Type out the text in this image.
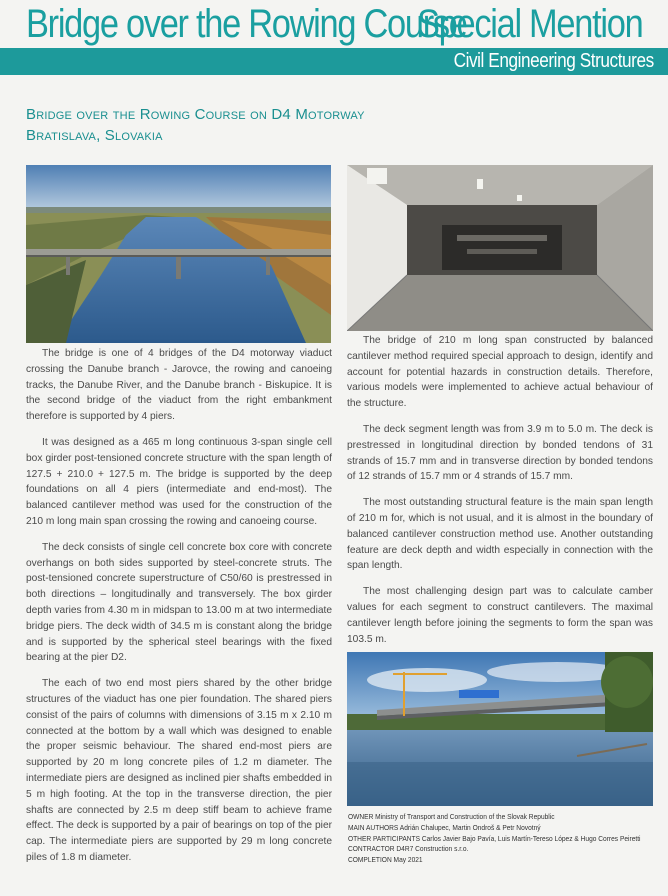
Bridge over the Rowing Course
Special Mention
Civil Engineering Structures
Bridge over the Rowing Course on D4 Motorway
Bratislava, Slovakia

The bridge is one of 4 bridges of the D4 motorway viaduct crossing the Danube branch - Jarovce, the rowing and canoeing tracks, the Danube River, and the Danube branch - Biskupice. It is the second bridge of the viaduct from the right embankment therefore is supported by 4 piers.

It was designed as a 465 m long continuous 3-span single cell box girder post-tensioned concrete structure with the span length of 127.5 + 210.0 + 127.5 m. The bridge is supported by the deep foundations on all 4 piers (intermediate and end-most). The balanced cantilever method was used for the construction of the 210 m long main span crossing the rowing and canoeing course.

The deck consists of single cell concrete box core with concrete overhangs on both sides supported by steel-concrete struts. The post-tensioned concrete superstructure of C50/60 is prestressed in both directions – longitudinally and transversely. The box girder depth varies from 4.30 m in midspan to 13.00 m at two intermediate bridge piers. The deck width of 34.5 m is constant along the bridge and is supported by the spherical steel bearings with the fixed bearing at the pier D2.

The each of two end most piers shared by the other bridge structures of the viaduct has one pier foundation. The shared piers consist of the pairs of columns with dimensions of 3.15 m x 2.10 m connected at the bottom by a wall which was designed to enable the proper seismic behaviour. The shared end-most piers are supported by 20 m long concrete piles of 1.2 m diameter. The intermediate piers are designed as inclined pier shafts embedded in 5 m high footing. At the top in the transverse direction, the pier shafts are connected by 2.5 m deep stiff beam to achieve frame effect. The deck is supported by a pair of bearings on top of the pier cap. The intermediate piers are supported by 29 m long concrete piles of 1.8 m diameter.

The bridge of 210 m long span constructed by balanced cantilever method required special approach to design, identify and account for potential hazards in construction details. Therefore, various models were implemented to achieve actual behaviour of the structure.

The deck segment length was from 3.9 m to 5.0 m. The deck is prestressed in longitudinal direction by bonded tendons of 31 strands of 15.7 mm and in transverse direction by bonded tendons of 12 strands of 15.7 mm or 4 strands of 15.7 mm.

The most outstanding structural feature is the main span length of 210 m for, which is not usual, and it is almost in the boundary of balanced cantilever construction method use. Another outstanding feature are deck depth and width especially in connection with the span length.

The most challenging design part was to calculate camber values for each segment to construct cantilevers. The maximal cantilever length before joining the segments to form the span was 103.5 m.

OWNER Ministry of Transport and Construction of the Slovak Republic
MAIN AUTHORS Adrián Chalupec, Martin Ondroš & Petr Novotný
OTHER PARTICIPANTS Carlos Javier Bajo Pavía, Luis Martín-Tereso López & Hugo Corres Peiretti
CONTRACTOR D4R7 Construction s.r.o.
COMPLETION May 2021
